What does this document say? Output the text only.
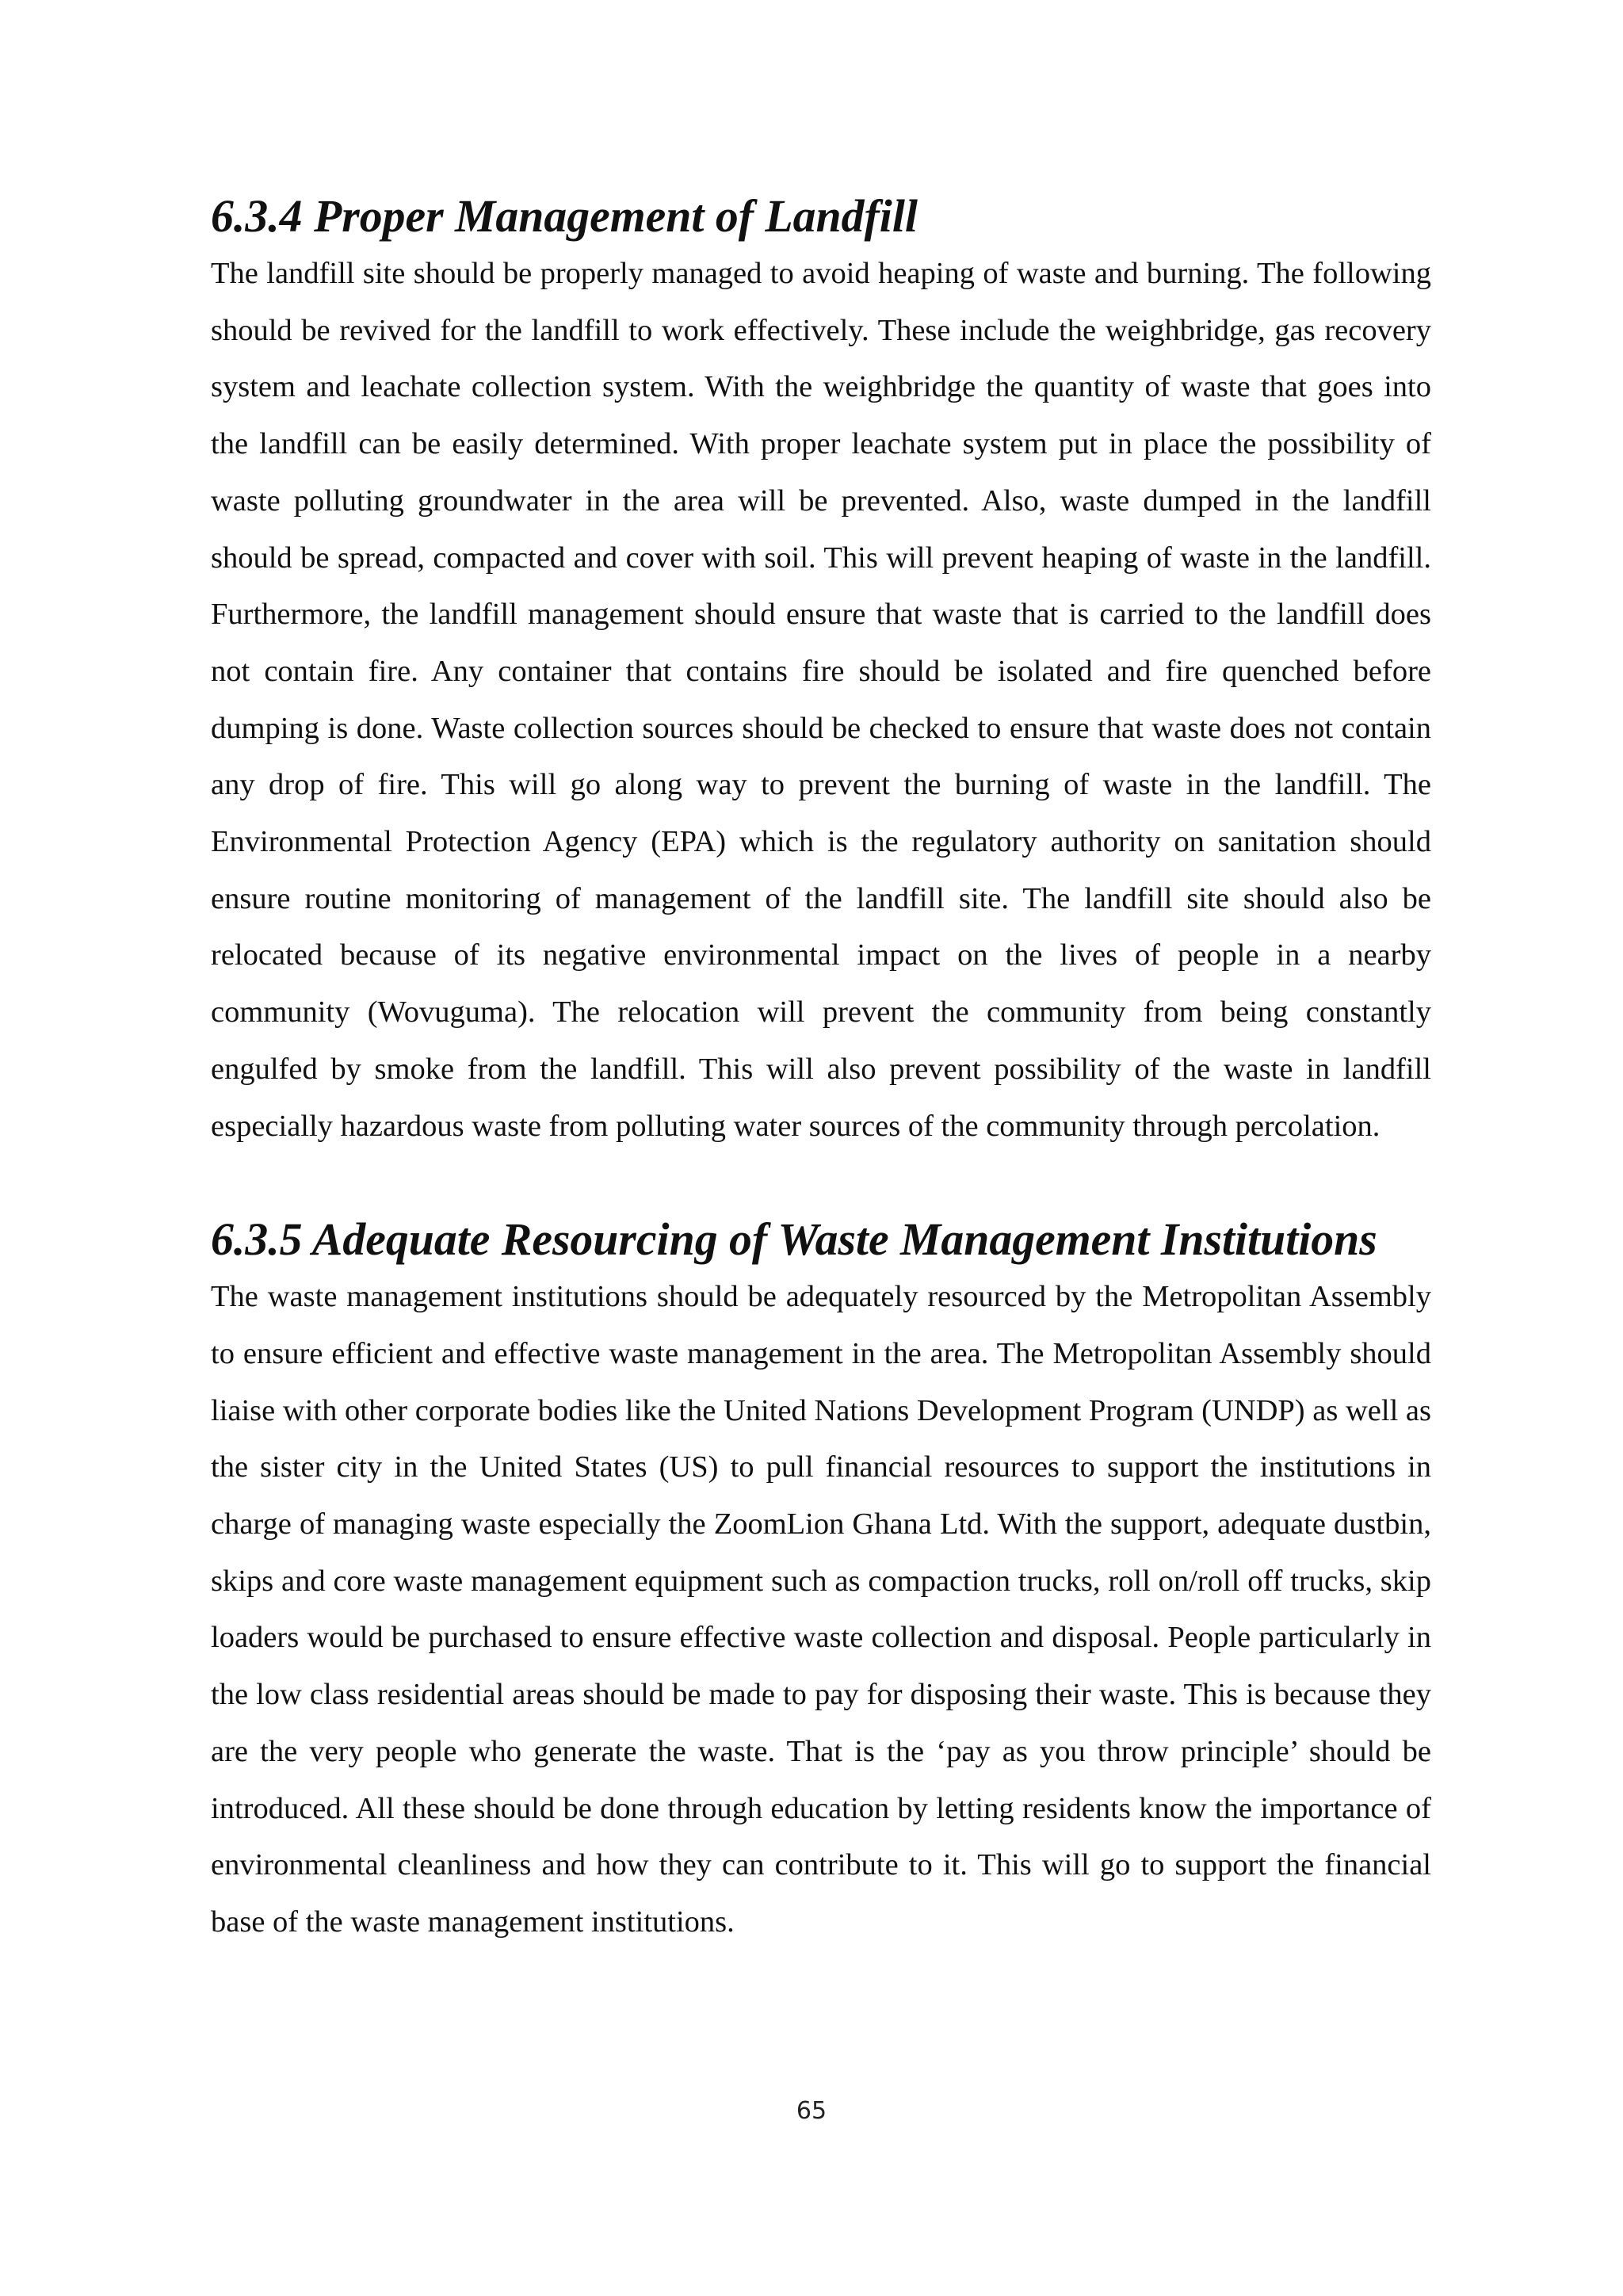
6.3.4 Proper Management of Landfill

The landfill site should be properly managed to avoid heaping of waste and burning. The following should be revived for the landfill to work effectively. These include the weighbridge, gas recovery system and leachate collection system. With the weighbridge the quantity of waste that goes into the landfill can be easily determined. With proper leachate system put in place the possibility of waste polluting groundwater in the area will be prevented. Also, waste dumped in the landfill should be spread, compacted and cover with soil. This will prevent heaping of waste in the landfill. Furthermore, the landfill management should ensure that waste that is carried to the landfill does not contain fire. Any container that contains fire should be isolated and fire quenched before dumping is done. Waste collection sources should be checked to ensure that waste does not contain any drop of fire. This will go along way to prevent the burning of waste in the landfill. The Environmental Protection Agency (EPA) which is the regulatory authority on sanitation should ensure routine monitoring of management of the landfill site. The landfill site should also be relocated because of its negative environmental impact on the lives of people in a nearby community (Wovuguma). The relocation will prevent the community from being constantly engulfed by smoke from the landfill. This will also prevent possibility of the waste in landfill especially hazardous waste from polluting water sources of the community through percolation.

6.3.5 Adequate Resourcing of Waste Management Institutions

The waste management institutions should be adequately resourced by the Metropolitan Assembly to ensure efficient and effective waste management in the area. The Metropolitan Assembly should liaise with other corporate bodies like the United Nations Development Program (UNDP) as well as the sister city in the United States (US) to pull financial resources to support the institutions in charge of managing waste especially the ZoomLion Ghana Ltd. With the support, adequate dustbin, skips and core waste management equipment such as compaction trucks, roll on/roll off trucks, skip loaders would be purchased to ensure effective waste collection and disposal. People particularly in the low class residential areas should be made to pay for disposing their waste. This is because they are the very people who generate the waste. That is the ‘pay as you throw principle’ should be introduced. All these should be done through education by letting residents know the importance of environmental cleanliness and how they can contribute to it. This will go to support the financial base of the waste management institutions.

65
